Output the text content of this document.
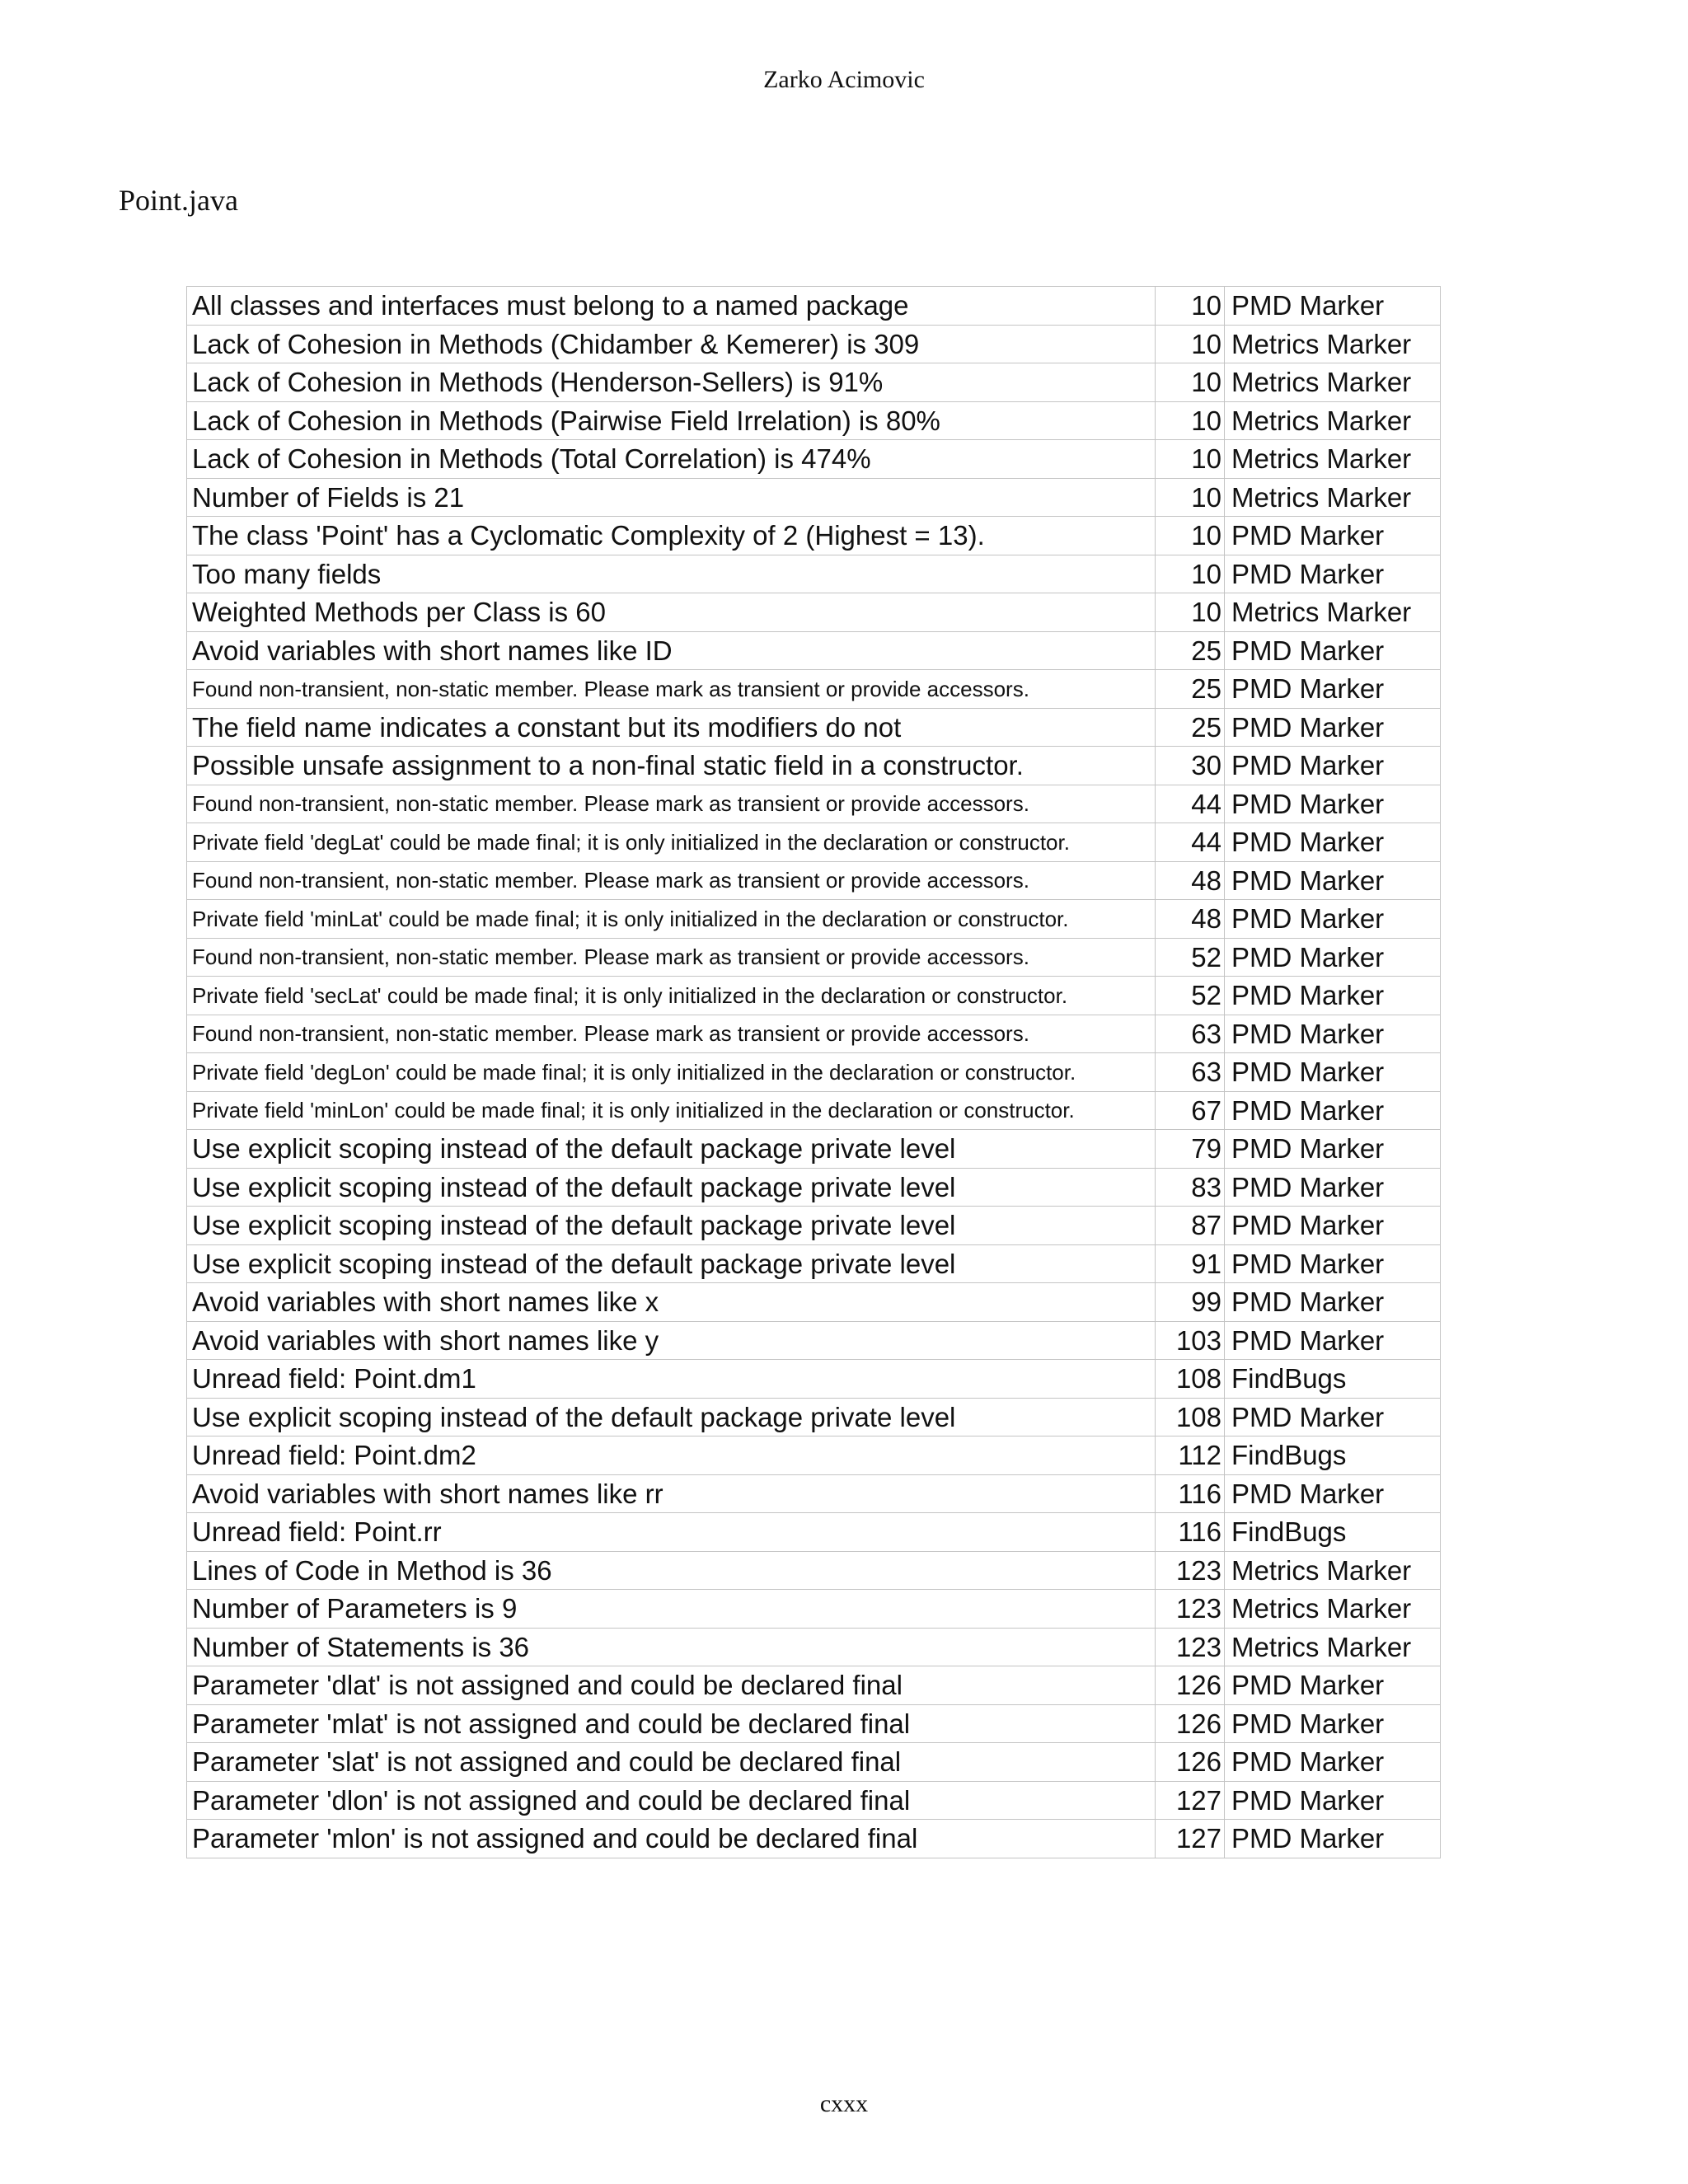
Zarko Acimovic
Point.java
All classes and interfaces must belong to a named package	10	PMD Marker
Lack of Cohesion in Methods (Chidamber & Kemerer) is 309	10	Metrics Marker
Lack of Cohesion in Methods (Henderson-Sellers) is 91%	10	Metrics Marker
Lack of Cohesion in Methods (Pairwise Field Irrelation) is 80%	10	Metrics Marker
Lack of Cohesion in Methods (Total Correlation) is 474%	10	Metrics Marker
Number of Fields is 21	10	Metrics Marker
The class 'Point' has a Cyclomatic Complexity of 2 (Highest = 13).	10	PMD Marker
Too many fields	10	PMD Marker
Weighted Methods per Class is 60	10	Metrics Marker
Avoid variables with short names like ID	25	PMD Marker
Found non-transient, non-static member. Please mark as transient or provide accessors.	25	PMD Marker
The field name indicates a constant but its modifiers do not	25	PMD Marker
Possible unsafe assignment to a non-final static field in a constructor.	30	PMD Marker
Found non-transient, non-static member. Please mark as transient or provide accessors.	44	PMD Marker
Private field 'degLat' could be made final; it is only initialized in the declaration or constructor.	44	PMD Marker
Found non-transient, non-static member. Please mark as transient or provide accessors.	48	PMD Marker
Private field 'minLat' could be made final; it is only initialized in the declaration or constructor.	48	PMD Marker
Found non-transient, non-static member. Please mark as transient or provide accessors.	52	PMD Marker
Private field 'secLat' could be made final; it is only initialized in the declaration or constructor.	52	PMD Marker
Found non-transient, non-static member. Please mark as transient or provide accessors.	63	PMD Marker
Private field 'degLon' could be made final; it is only initialized in the declaration or constructor.	63	PMD Marker
Private field 'minLon' could be made final; it is only initialized in the declaration or constructor.	67	PMD Marker
Use explicit scoping instead of the default package private level	79	PMD Marker
Use explicit scoping instead of the default package private level	83	PMD Marker
Use explicit scoping instead of the default package private level	87	PMD Marker
Use explicit scoping instead of the default package private level	91	PMD Marker
Avoid variables with short names like x	99	PMD Marker
Avoid variables with short names like y	103	PMD Marker
Unread field: Point.dm1	108	FindBugs
Use explicit scoping instead of the default package private level	108	PMD Marker
Unread field: Point.dm2	112	FindBugs
Avoid variables with short names like rr	116	PMD Marker
Unread field: Point.rr	116	FindBugs
Lines of Code in Method is 36	123	Metrics Marker
Number of Parameters is 9	123	Metrics Marker
Number of Statements is 36	123	Metrics Marker
Parameter 'dlat' is not assigned and could be declared final	126	PMD Marker
Parameter 'mlat' is not assigned and could be declared final	126	PMD Marker
Parameter 'slat' is not assigned and could be declared final	126	PMD Marker
Parameter 'dlon' is not assigned and could be declared final	127	PMD Marker
Parameter 'mlon' is not assigned and could be declared final	127	PMD Marker
cxxx
